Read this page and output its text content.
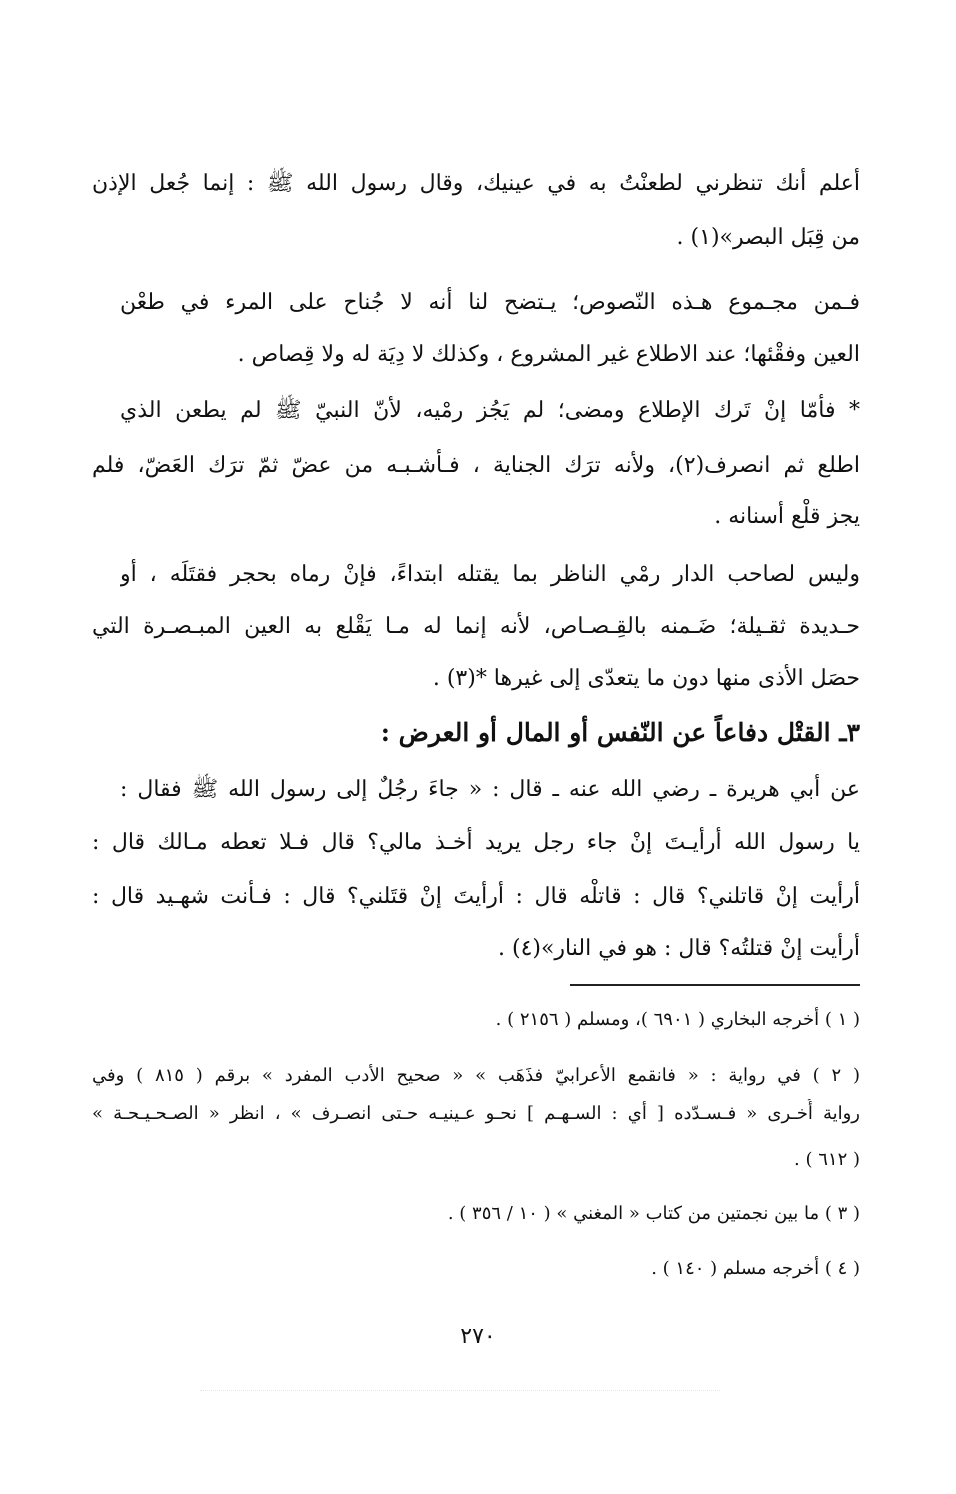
أعلم أنك تنظرني لطعنْتُ به في عينيك، وقال رسول الله ﷺ : إنما جُعل الإذن
من قِبَل البصر»(١) .
فـمن مجـموع هـذه النّصوص؛ يـتضح لنا أنه لا جُناح على المرء في طعْن
العين وفقْئها؛ عند الاطلاع غير المشروع ، وكذلك لا دِيَة له ولا قِصاص .
* فأمّا إنْ تَرك الإطلاع ومضى؛ لم يَجُز رمْيه، لأنّ النبيّ ﷺ لم يطعن الذي
اطلع ثم انصرف(٢)، ولأنه ترَك الجناية ، فـأشـبـه من عضّ ثمّ ترَك العَضّ، فلم
يجز قلْع أسنانه .
وليس لصاحب الدار رمْي الناظر بما يقتله ابتداءً، فإنْ رماه بحجر فقتَلَه ، أو
حـديدة ثقـيلة؛ ضَـمنه بالقِـصـاص، لأنه إنما له مـا يَقْلع به العين المبـصـرة التي
حصَل الأذى منها دون ما يتعدّى إلى غيرها *(٣) .
٣ـ القتْل دفاعاً عن النّفس أو المال أو العرض :
عن أبي هريرة ـ رضي الله عنه ـ قال : « جاءَ رجُلٌ إلى رسول الله ﷺ فقال :
يا رسول الله أرأيـتَ إنْ جاء رجل يريد أخـذ مالي؟ قال فـلا تعطه مـالك قال :
أرأيت إنْ قاتلني؟ قال : قاتلْه قال : أرأيتَ إنْ قتَلني؟ قال : فـأنت شهـيد قال :
أرأيت إنْ قتلتُه؟ قال : هو في النار»(٤) .
( ١ ) أخرجه البخاري ( ٦٩٠١ )، ومسلم ( ٢١٥٦ ) .
( ٢ ) في رواية : « فانقمع الأعرابيّ فذَهَب » « صحيح الأدب المفرد » برقم ( ٨١٥ ) وفي
رواية أُخـرى « فـسـدّده [ أي : السـهـم ] نحـو عـينيـه حـتى انصـرف » ، انظر « الصـحـيـحـة »
( ٦١٢ ) .
( ٣ ) ما بين نجمتين من كتاب « المغني » ( ١٠ / ٣٥٦ ) .
( ٤ ) أخرجه مسلم ( ١٤٠ ) .
٢٧٠
